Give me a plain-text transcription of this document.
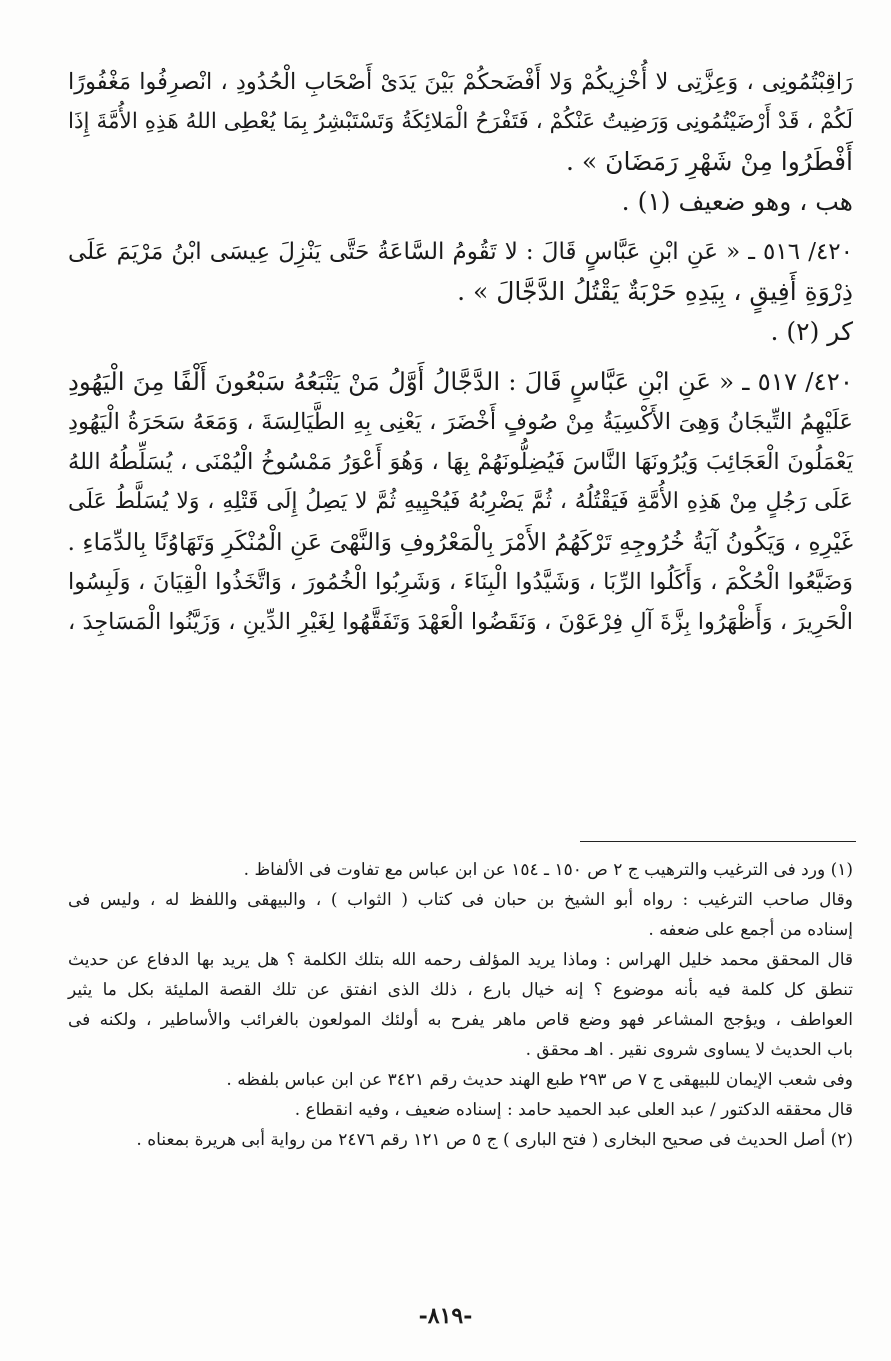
رَاقِبْتُمُونِى ، وَعِزَّتِى لا أُخْزِيكُمْ وَلا أَفْضَحكُمْ بَيْنَ يَدَىْ أَصْحَابِ الْحُدُودِ ، انْصرِفُوا مَغْفُورًا
لَكُمْ ، قَدْ أَرْضَيْتُمُونِى وَرَضِيتُ عَنْكُمْ ، فَتَفْرَحُ الْمَلائِكَةُ وَتَسْتَبْشِرُ بِمَا يُعْطِى اللهُ هَذِهِ الأُمَّةَ إِذَا
أَفْطَرُوا مِنْ شَهْرِ رَمَضَانَ » .
هب ، وهو ضعيف (١) .
٤٢٠/ ٥١٦ ـ « عَنِ ابْنِ عَبَّاسٍ قَالَ : لا تَقُومُ السَّاعَةُ حَتَّى يَنْزِلَ عِيسَى ابْنُ مَرْيَمَ عَلَى
ذِرْوَةِ أَفِيقٍ ، بِيَدِهِ حَرْبَةٌ يَقْتُلُ الدَّجَّالَ » .
كر (٢) .
٤٢٠/ ٥١٧ ـ « عَنِ ابْنِ عَبَّاسٍ قَالَ : الدَّجَّالُ أَوَّلُ مَنْ يَتْبَعُهُ سَبْعُونَ أَلْفًا مِنَ الْيَهُودِ
عَلَيْهِمُ التِّيجَانُ وَهِىَ الأَكْسِيَةُ مِنْ صُوفٍ أَخْضَرَ ، يَعْنِى بِهِ الطَّيَالِسَةَ ، وَمَعَهُ سَحَرَةُ الْيَهُودِ
يَعْمَلُونَ الْعَجَائِبَ وَيُرُونَهَا النَّاسَ فَيُضِلُّونَهُمْ بِهَا ، وَهُوَ أَعْوَرُ مَمْسُوخُ الْيُمْنَى ، يُسَلِّطُهُ اللهُ
عَلَى رَجُلٍ مِنْ هَذِهِ الأُمَّةِ فَيَقْتُلُهُ ، ثُمَّ يَضْرِبُهُ فَيُحْيِيهِ ثُمَّ لا يَصِلُ إِلَى قَتْلِهِ ، وَلا يُسَلَّطُ عَلَى
غَيْرِهِ ، وَيَكُونُ آيَةُ خُرُوجِهِ تَرْكَهُمُ الأَمْرَ بِالْمَعْرُوفِ وَالنَّهْىَ عَنِ الْمُنْكَرِ وَتَهَاوُنًا بِالدِّمَاءِ .
وَضَيَّعُوا الْحُكْمَ ، وَأَكَلُوا الرِّبَا ، وَشَيَّدُوا الْبِنَاءَ ، وَشَرِبُوا الْخُمُورَ ، وَاتَّخَذُوا الْقِيَانَ ، وَلَبِسُوا
الْحَرِيرَ ، وَأَظْهَرُوا بِزَّةَ آلِ فِرْعَوْنَ ، وَنَقَضُوا الْعَهْدَ وَتَفَقَّهُوا لِغَيْرِ الدِّينِ ، وَزَيَّنُوا الْمَسَاجِدَ ،
(١) ورد فى الترغيب والترهيب ج ٢ ص ١٥٠ ـ ١٥٤ عن ابن عباس مع تفاوت فى الألفاظ .
وقال صاحب الترغيب : رواه أبو الشيخ بن حبان فى كتاب ( الثواب ) ، والبيهقى واللفظ له ، وليس فى
إسناده من أجمع على ضعفه .
قال المحقق محمد خليل الهراس : وماذا يريد المؤلف رحمه الله بتلك الكلمة ؟ هل يريد بها الدفاع عن حديث
تنطق كل كلمة فيه بأنه موضوع ؟ إنه خيال بارع ، ذلك الذى انفتق عن تلك القصة المليئة بكل ما يثير
العواطف ، ويؤجج المشاعر فهو وضع قاص ماهر يفرح به أولئك المولعون بالغرائب والأساطير ، ولكنه فى
باب الحديث لا يساوى شروى نقير . اهـ محقق .
وفى شعب الإيمان للبيهقى ج ٧ ص ٢٩٣ طبع الهند حديث رقم ٣٤٢١ عن ابن عباس بلفظه .
قال محققه الدكتور / عبد العلى عبد الحميد حامد : إسناده ضعيف ، وفيه انقطاع .
(٢) أصل الحديث فى صحيح البخارى ( فتح البارى ) ج ٥ ص ١٢١ رقم ٢٤٧٦ من رواية أبى هريرة بمعناه .
-٨١٩-
